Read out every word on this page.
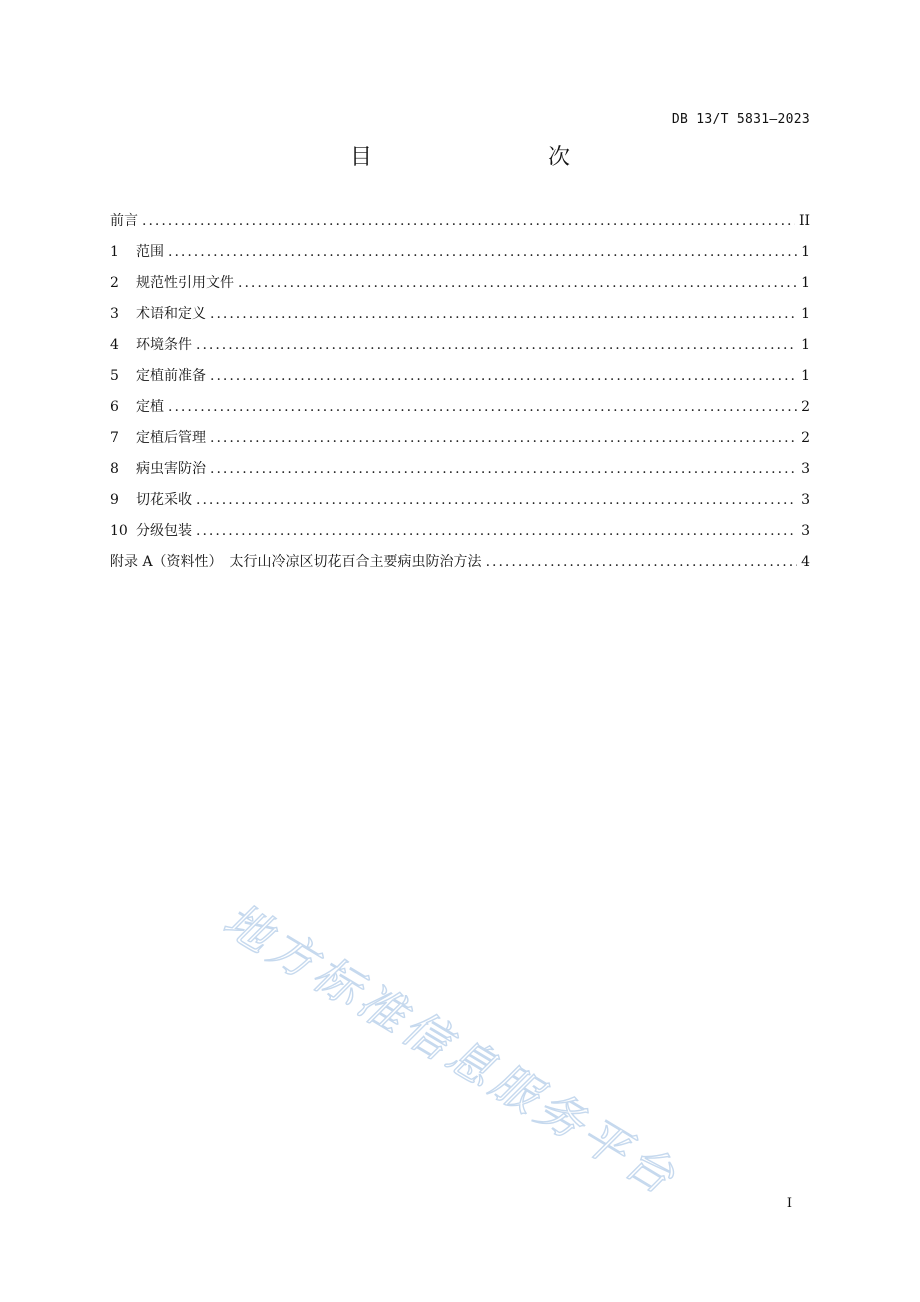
DB 13/T 5831—2023
目　　次
前言 .....	II
1	范围 .....	1
2	规范性引用文件 .....	1
3	术语和定义 .....	1
4	环境条件 .....	1
5	定植前准备 .....	1
6	定植 .....	2
7	定植后管理 .....	2
8	病虫害防治 .....	3
9	切花采收 .....	3
10 分级包装 .....	3
附录 A（资料性）　太行山冷凉区切花百合主要病虫防治方法 .....	4
地方标准信息服务平台	I
